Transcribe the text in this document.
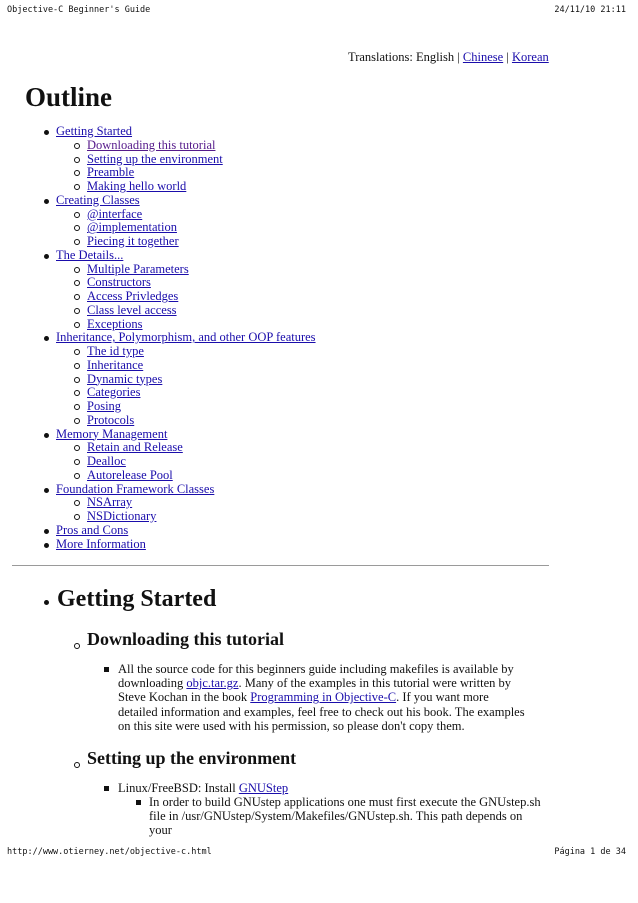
Objective-C Beginner's Guide	24/11/10 21:11
Translations: English | Chinese | Korean
Outline
Getting Started
Downloading this tutorial
Setting up the environment
Preamble
Making hello world
Creating Classes
@interface
@implementation
Piecing it together
The Details...
Multiple Parameters
Constructors
Access Privledges
Class level access
Exceptions
Inheritance, Polymorphism, and other OOP features
The id type
Inheritance
Dynamic types
Categories
Posing
Protocols
Memory Management
Retain and Release
Dealloc
Autorelease Pool
Foundation Framework Classes
NSArray
NSDictionary
Pros and Cons
More Information
Getting Started
Downloading this tutorial

All the source code for this beginners guide including makefiles is available by downloading objc.tar.gz. Many of the examples in this tutorial were written by Steve Kochan in the book Programming in Objective-C. If you want more detailed information and examples, feel free to check out his book. The examples on this site were used with his permission, so please don't copy them.

Setting up the environment

Linux/FreeBSD: Install GNUStep

In order to build GNUstep applications one must first execute the GNUstep.sh file in /usr/GNUstep/System/Makefiles/GNUstep.sh. This path depends on your

http://www.otierney.net/objective-c.html	Página 1 de 34
